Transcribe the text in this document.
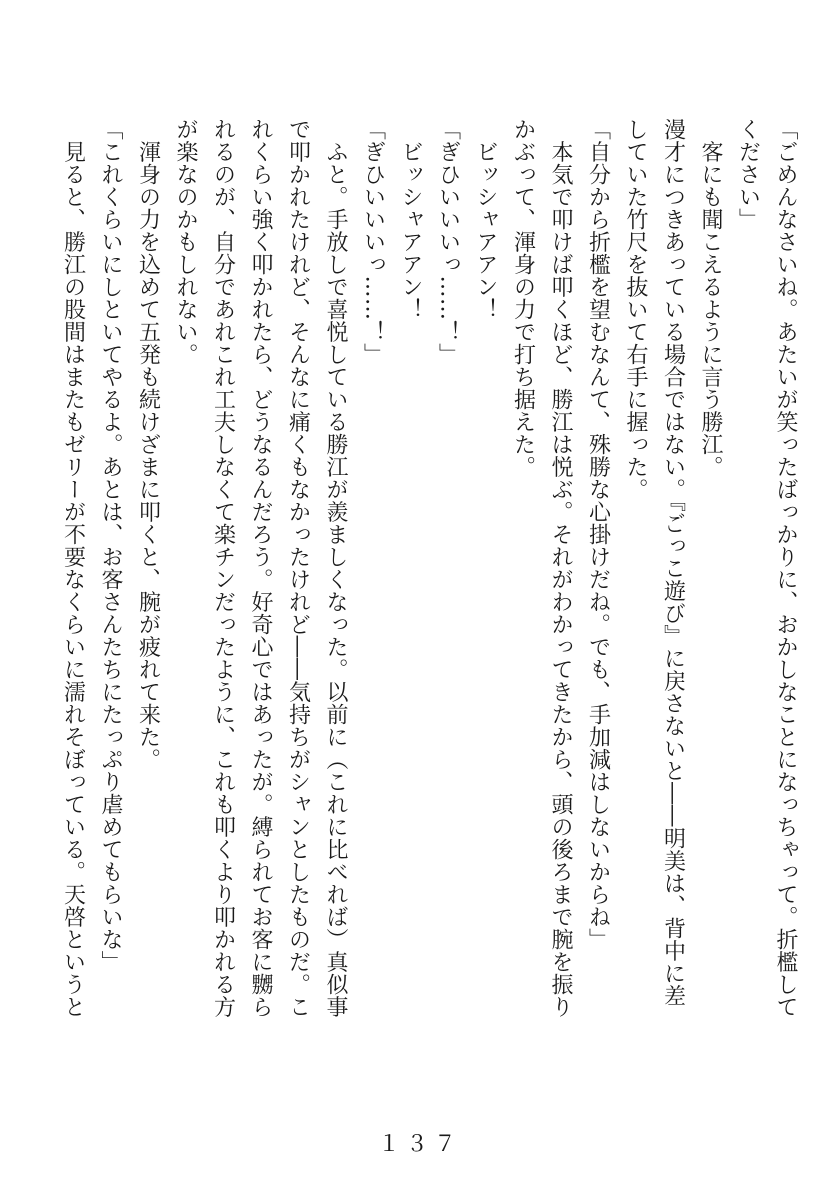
「ごめんなさいね。あたいが笑ったばっかりに、おかしなことになっちゃって。折檻して

ください」

　客にも聞こえるように言う勝江。

漫才につきあっている場合ではない。『ごっこ遊び』に戻さないと――明美は、背中に差

していた竹尺を抜いて右手に握った。

「自分から折檻を望むなんて、殊勝な心掛けだね。でも、手加減はしないからね」

　本気で叩けば叩くほど、勝江は悦ぶ。それがわかってきたから、頭の後ろまで腕を振り

かぶって、渾身の力で打ち据えた。

　ビッシャアアン！

「ぎひいいいっ……！」

　ビッシャアアン！

「ぎひいいいっ……！」

　ふと。手放しで喜悦している勝江が羨ましくなった。以前に（これに比べれば）真似事

で叩かれたけれど、そんなに痛くもなかったけれど――気持ちがシャンとしたものだ。こ

れくらい強く叩かれたら、どうなるんだろう。好奇心ではあったが。縛られてお客に嬲ら

れるのが、自分であれこれ工夫しなくて楽チンだったように、これも叩くより叩かれる方

が楽なのかもしれない。

　渾身の力を込めて五発も続けざまに叩くと、腕が疲れて来た。

「これくらいにしといてやるよ。あとは、お客さんたちにたっぷり虐めてもらいな」

　見ると、勝江の股間はまたもゼリーが不要なくらいに濡れそぼっている。天啓というと

１３７
